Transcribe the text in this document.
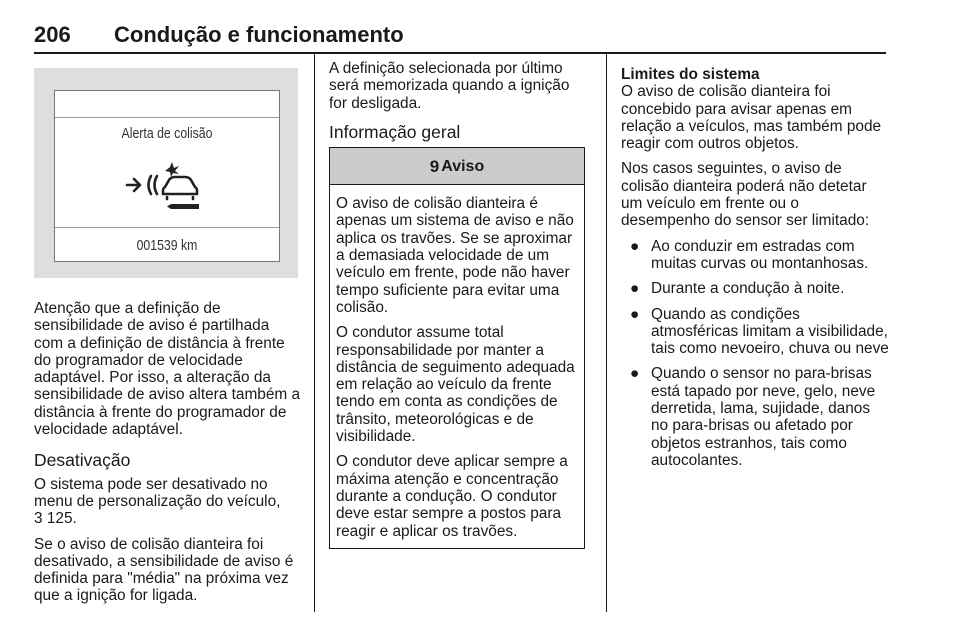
206 Condução e funcionamento
Alerta de colisão
001539 km

Atenção que a definição de sensibilidade de aviso é partilhada com a definição de distância à frente do programador de velocidade adaptável. Por isso, a alteração da sensibilidade de aviso altera também a distância à frente do programador de velocidade adaptável.

Desativação

O sistema pode ser desativado no menu de personalização do veículo,
3 125.

Se o aviso de colisão dianteira foi desativado, a sensibilidade de aviso é definida para "média" na próxima vez que a ignição for ligada.

A definição selecionada por último será memorizada quando a ignição for desligada.

Informação geral
9 Aviso

O aviso de colisão dianteira é apenas um sistema de aviso e não aplica os travões. Se se aproximar a demasiada velocidade de um veículo em frente, pode não haver tempo suficiente para evitar uma colisão.

O condutor assume total responsabilidade por manter a distância de seguimento adequada em relação ao veículo da frente tendo em conta as condições de trânsito, meteorológicas e de visibilidade.

O condutor deve aplicar sempre a máxima atenção e concentração durante a condução. O condutor deve estar sempre a postos para reagir e aplicar os travões.

Limites do sistema

O aviso de colisão dianteira foi concebido para avisar apenas em relação a veículos, mas também pode reagir com outros objetos.

Nos casos seguintes, o aviso de colisão dianteira poderá não detetar um veículo em frente ou o desempenho do sensor ser limitado:

● Ao conduzir em estradas com muitas curvas ou montanhosas.
● Durante a condução à noite.
● Quando as condições atmosféricas limitam a visibilidade, tais como nevoeiro, chuva ou neve
● Quando o sensor no para-brisas está tapado por neve, gelo, neve derretida, lama, sujidade, danos no para-brisas ou afetado por objetos estranhos, tais como autocolantes.
